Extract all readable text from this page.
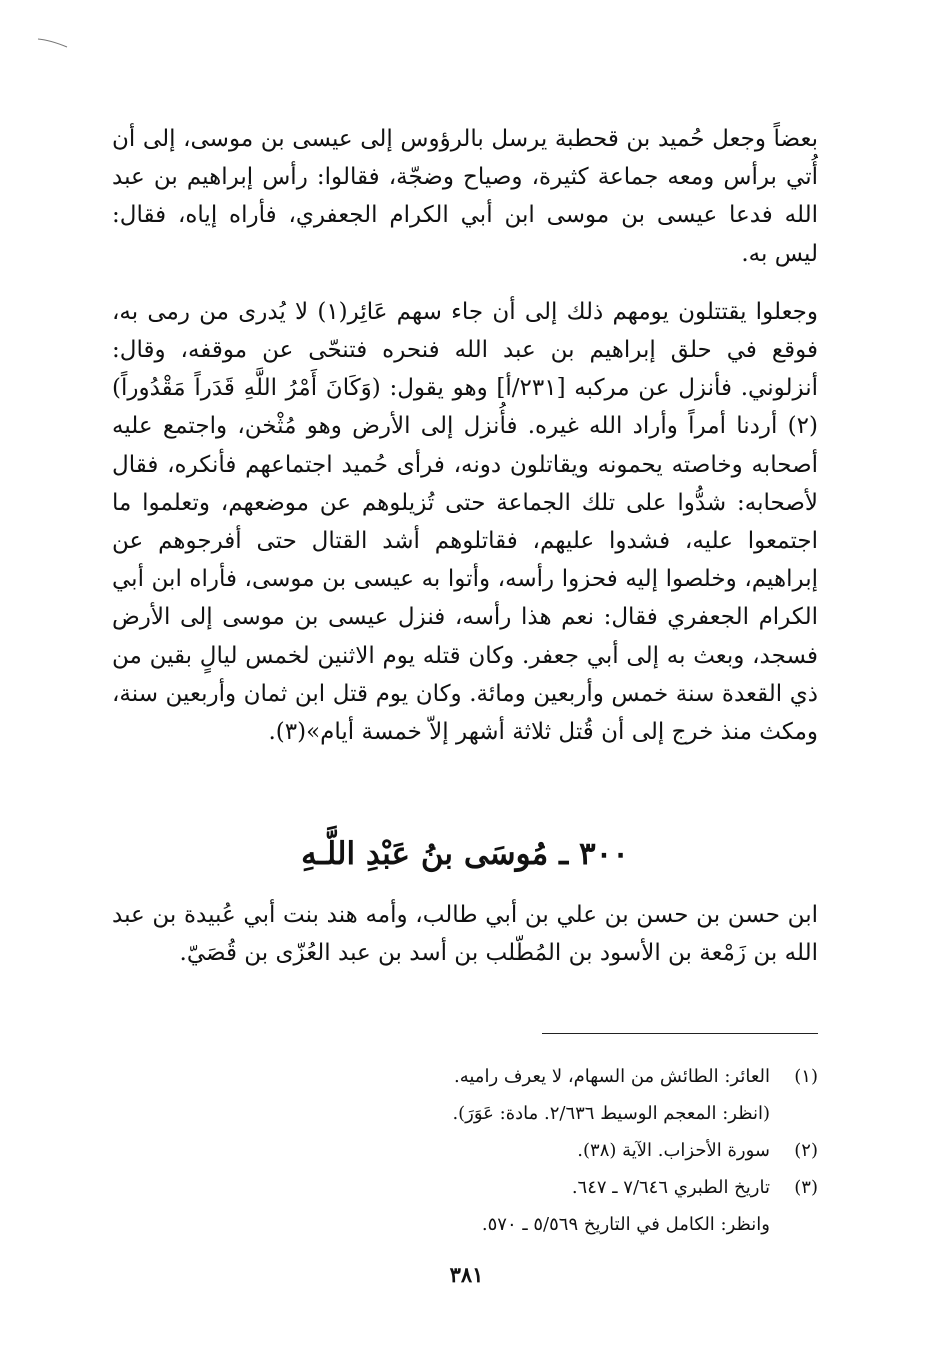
بعضاً وجعل حُميد بن قحطبة يرسل بالرؤوس إلى عيسى بن موسى، إلى أن أُتي برأس ومعه جماعة كثيرة، وصياح وضجّة، فقالوا: رأس إبراهيم بن عبد الله فدعا عيسى بن موسى ابن أبي الكرام الجعفري، فأراه إياه، فقال: ليس به.

وجعلوا يقتتلون يومهم ذلك إلى أن جاء سهم عَائِر(١) لا يُدرى من رمى به، فوقع في حلق إبراهيم بن عبد الله فنحره فتنحّى عن موقفه، وقال: أنزلوني. فأنزل عن مركبه [٢٣١/أ] وهو يقول: (وَكَانَ أَمْرُ اللَّهِ قَدَراً مَقْدُوراً)(٢) أردنا أمراً وأراد الله غيره. فأُنزل إلى الأرض وهو مُثْخن، واجتمع عليه أصحابه وخاصته يحمونه ويقاتلون دونه، فرأى حُميد اجتماعهم فأنكره، فقال لأصحابه: شدُّوا على تلك الجماعة حتى تُزيلوهم عن موضعهم، وتعلموا ما اجتمعوا عليه، فشدوا عليهم، فقاتلوهم أشد القتال حتى أفرجوهم عن إبراهيم، وخلصوا إليه فحزوا رأسه، وأتوا به عيسى بن موسى، فأراه ابن أبي الكرام الجعفري فقال: نعم هذا رأسه، فنزل عيسى بن موسى إلى الأرض فسجد، وبعث به إلى أبي جعفر. وكان قتله يوم الاثنين لخمس ليالٍ بقين من ذي القعدة سنة خمس وأربعين ومائة. وكان يوم قتل ابن ثمان وأربعين سنة، ومكث منذ خرج إلى أن قُتل ثلاثة أشهر إلاّ خمسة أيام»(٣).

٣٠٠ ـ مُوسَى بنُ عَبْدِ اللَّـهِ

ابن حسن بن حسن بن علي بن أبي طالب، وأمه هند بنت أبي عُبيدة بن عبد الله بن زَمْعة بن الأسود بن المُطّلب بن أسد بن عبد العُزّى بن قُصَيّ.

(١)
العائر: الطائش من السهام، لا يعرف راميه.
(انظر: المعجم الوسيط ٢/٦٣٦. مادة: عَوَرَ).
(٢)
سورة الأحزاب. الآية (٣٨).
(٣)
تاريخ الطبري ٧/٦٤٦ ـ ٦٤٧.
وانظر: الكامل في التاريخ ٥/٥٦٩ ـ ٥٧٠.
٣٨١
